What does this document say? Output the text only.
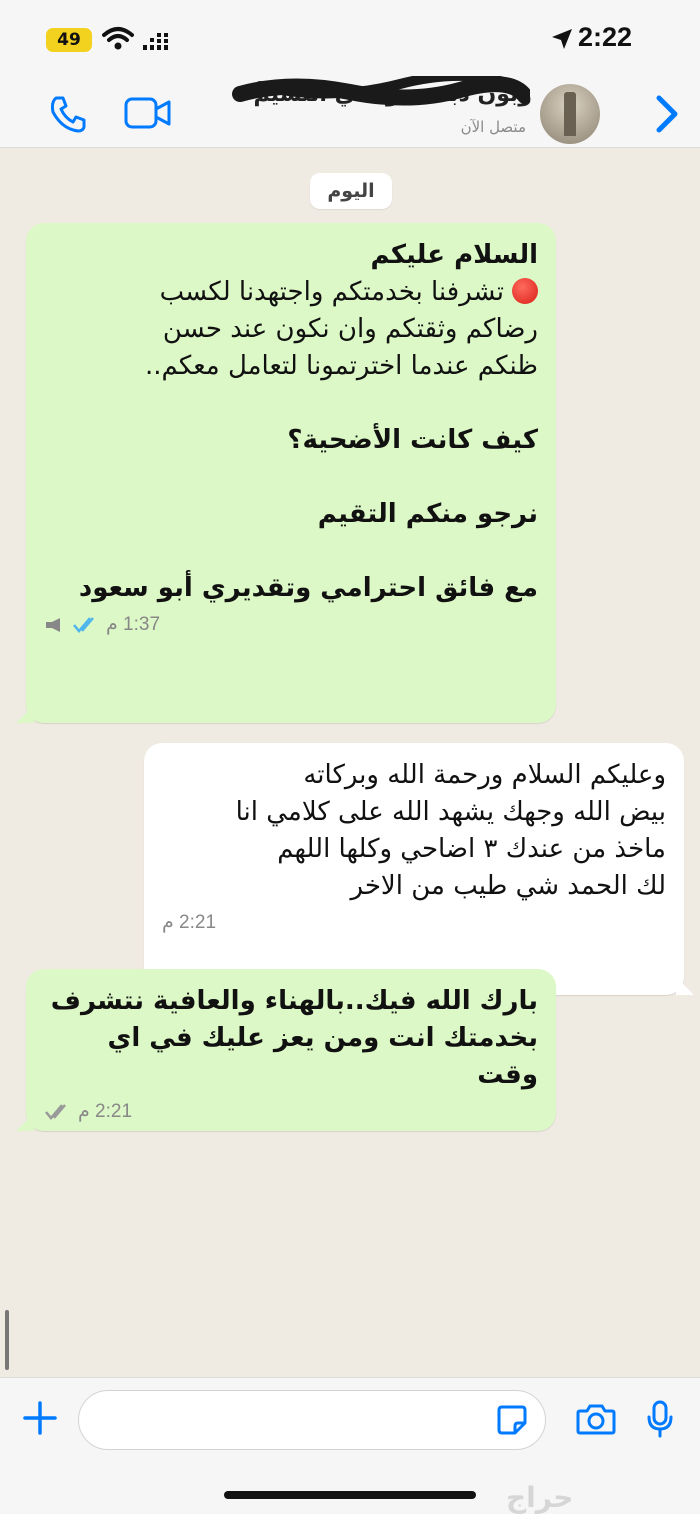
49	2:22
وبون ذبحة مواشي النسيم
متصل الآن
اليوم
السلام عليكم
تشرفنا بخدمتكم واجتهدنا لكسب
رضاكم وثقتكم وان نكون عند حسن
ظنكم عندما اخترتمونا لتعامل معكم..
كيف كانت الأضحية؟
نرجو منكم التقيم
مع فائق احترامي وتقديري أبو سعود
1:37 م
وعليكم السلام ورحمة الله وبركاته
بيض الله وجهك يشهد الله على كلامي انا
ماخذ من عندك ٣ اضاحي وكلها اللهم
لك الحمد شي طيب من الاخر
2:21 م
بارك الله فيك..بالهناء والعافية نتشرف
بخدمتك انت ومن يعز عليك في اي
وقت
2:21 م
حراج
